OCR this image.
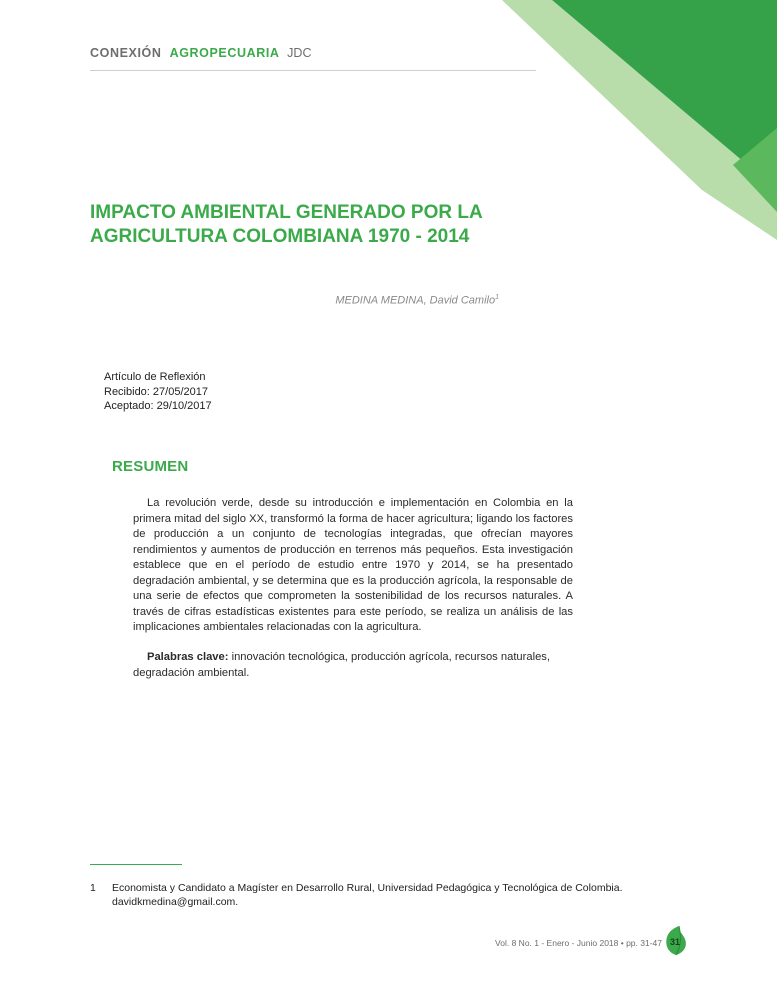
CONEXIÓN AGROPECUARIA JDC
IMPACTO AMBIENTAL GENERADO POR LA AGRICULTURA COLOMBIANA 1970 - 2014
MEDINA MEDINA, David Camilo$^1$
Artículo de Reflexión
Recibido: 27/05/2017
Aceptado: 29/10/2017
RESUMEN

La revolución verde, desde su introducción e implementación en Colombia en la primera mitad del siglo XX, transformó la forma de hacer agricultura; ligando los factores de producción a un conjunto de tecnologías integradas, que ofrecían mayores rendimientos y aumentos de producción en terrenos más pequeños. Esta investigación establece que en el período de estudio entre 1970 y 2014, se ha presentado degradación ambiental, y se determina que es la producción agrícola, la responsable de una serie de efectos que comprometen la sostenibilidad de los recursos naturales. A través de cifras estadísticas existentes para este período, se realiza un análisis de las implicaciones ambientales relacionadas con la agricultura.

Palabras clave: innovación tecnológica, producción agrícola, recursos naturales, degradación ambiental.

1 Economista y Candidato a Magíster en Desarrollo Rural, Universidad Pedagógica y Tecnológica de Colombia. davidkmedina@gmail.com.
Vol. 8 No. 1 - Enero - Junio 2018 • pp. 31-47 31
